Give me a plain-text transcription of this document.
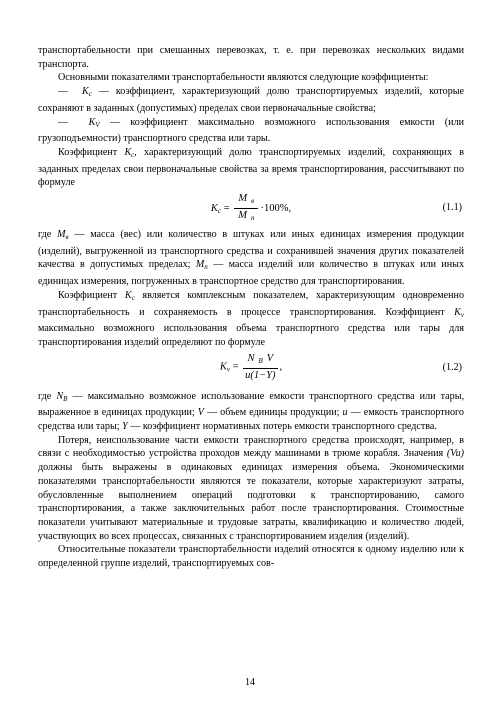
транспортабельности при смешанных перевозках, т. е. при перевозках нескольких видами транспорта.

Основными показателями транспортабельности являются следующие коэффициенты:

—  $K_с$ — коэффициент, характеризующий долю транспортируемых изделий, которые сохраняют в заданных (допустимых) пределах свои первоначальные свойства;

—  $K_V$ — коэффициент максимально возможного использования емкости (или грузоподъемности) транспортного средства или тары.

Коэффициент $K_с$, характеризующий долю транспортируемых изделий, сохраняющих в заданных пределах свои первоначальные свойства за время транспортирования, рассчитывают по формуле

$K_c = \frac{M _в}{M _п} \cdot 100\%$,	(1.1)

где $M_в$ — масса (вес) или количество в штуках или иных единицах измерения продукции (изделий), выгруженной из транспортного средства и сохранившей значения других показателей качества в допустимых пределах; $M_п$ — масса изделий или количество в штуках или иных единицах измерения, погруженных в транспортное средство для транспортирования.

Коэффициент $K_с$ является комплексным показателем, характеризующим одновременно транспортабельность и сохраняемость в процессе транспортирования. Коэффициент $K_v$ максимально возможного использования объема транспортного средства или тары для транспортирования изделий определяют по формуле

$K_v = \frac{N _B V}{u(1-Y)}$ ,	(1.2)

где $N_B$ — максимально возможное использование емкости транспортного средства или тары, выраженное в единицах продукции; V — объем единицы продукции; u — емкость транспортного средства или тары; Y — коэффициент нормативных потерь емкости транспортного средства.

Потеря, неиспользование части емкости транспортного средства происходят, например, в связи с необходимостью устройства проходов между машинами в трюме корабля. Значения (Vu) должны быть выражены в одинаковых единицах измерения объема. Экономическими показателями транспортабельности являются те показатели, которые характеризуют затраты, обусловленные выполнением операций подготовки к транспортированию, самого транспортирования, а также заключительных работ после транспортирования. Стоимостные показатели учитывают материальные и трудовые затраты, квалификацию и количество людей, участвующих во всех процессах, связанных с транспортированием изделия (изделий).

Относительные показатели транспортабельности изделий относятся к одному изделию или к определенной группе изделий, транспортируемых сов-

14
